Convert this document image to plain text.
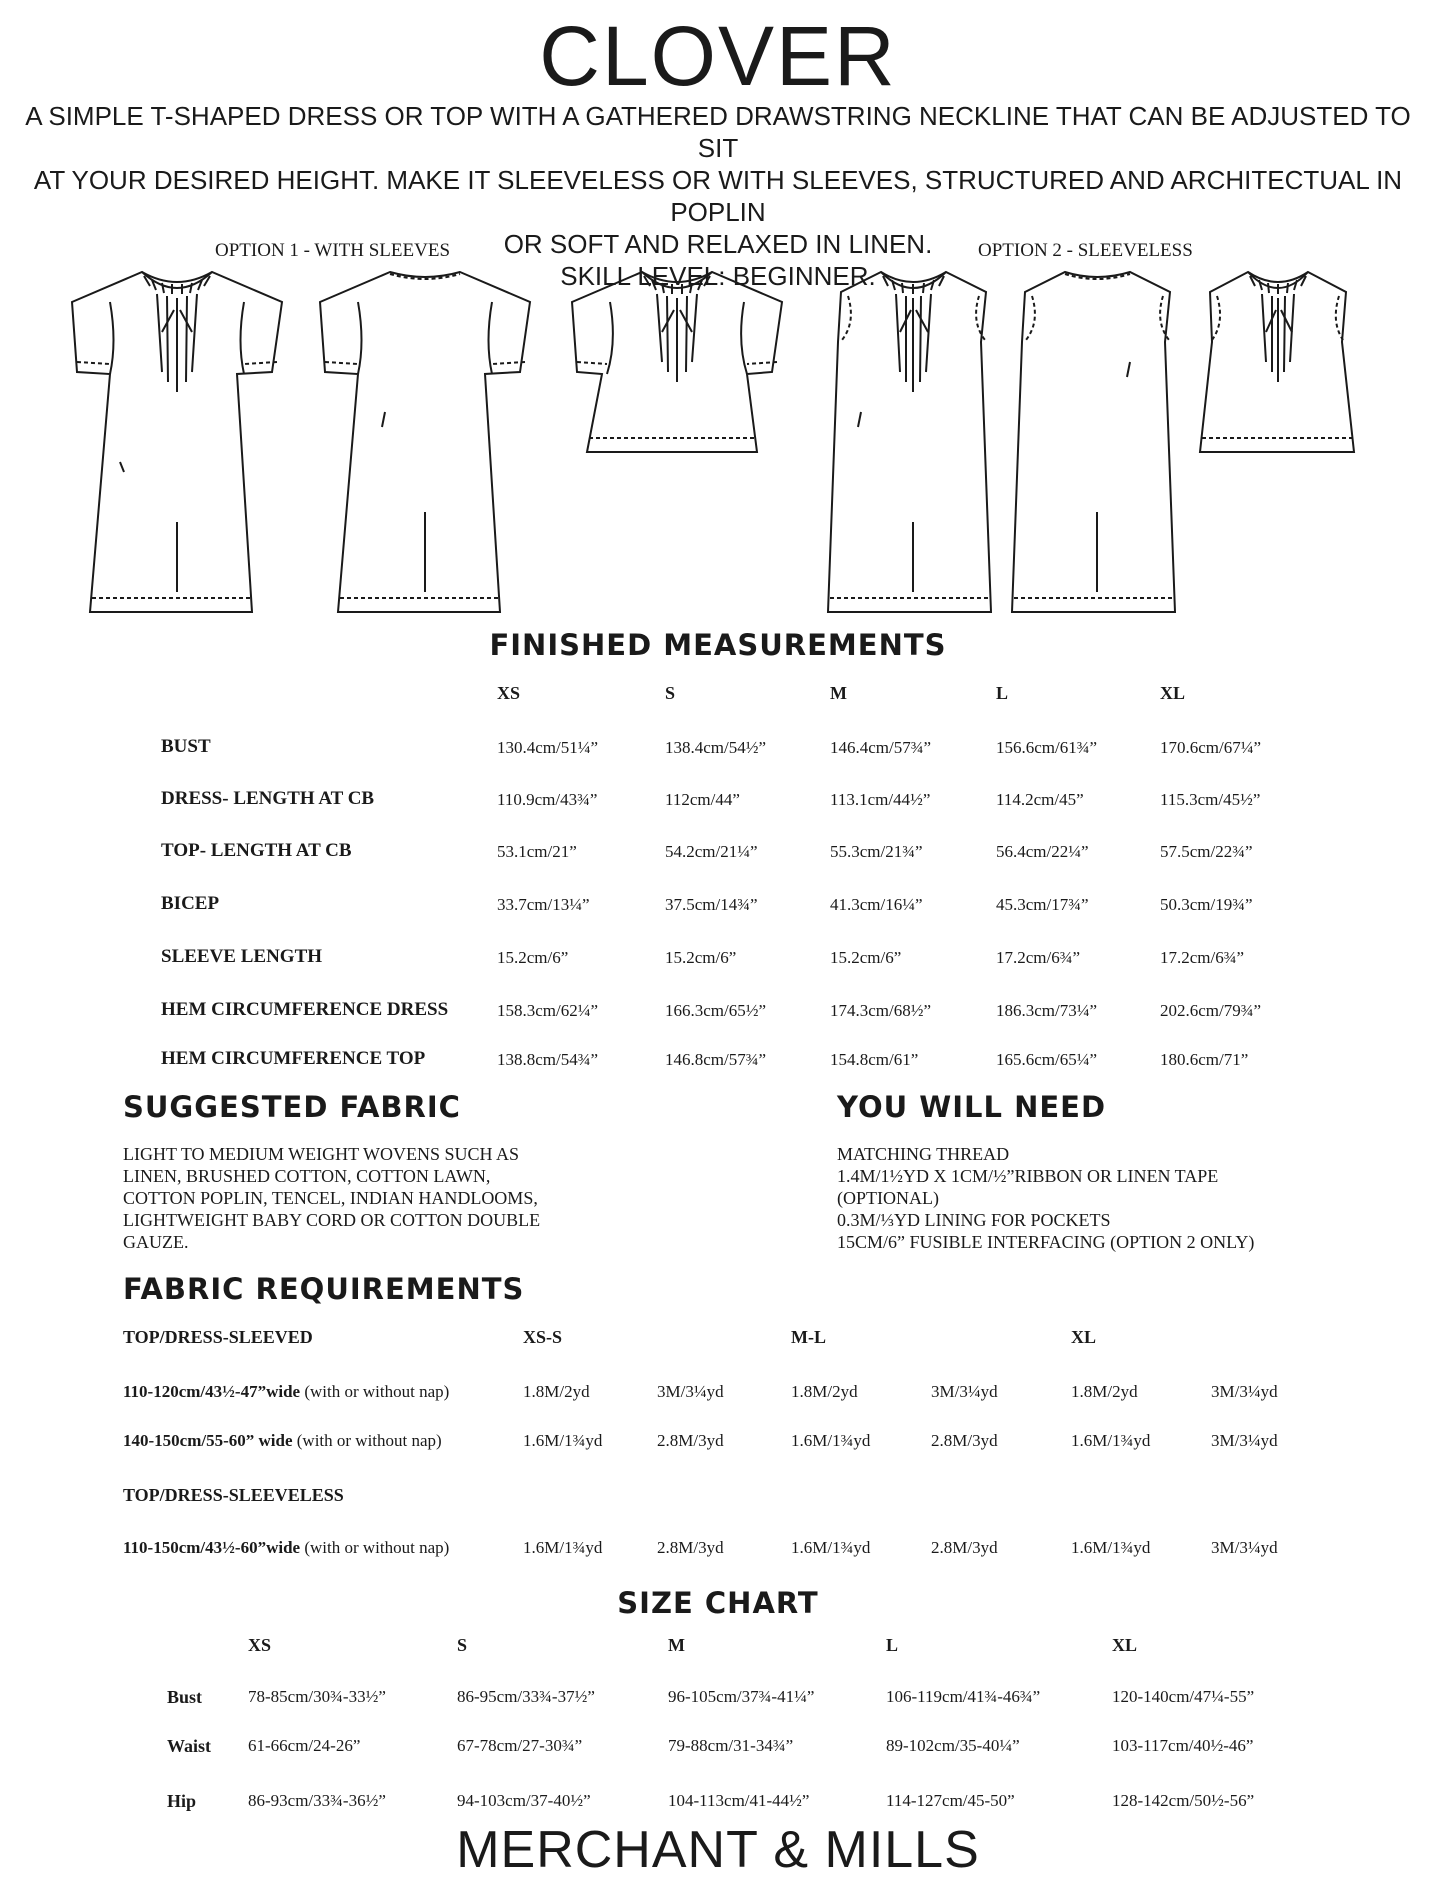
CLOVER
A SIMPLE T-SHAPED DRESS OR TOP WITH A GATHERED DRAWSTRING NECKLINE THAT CAN BE ADJUSTED TO SIT
AT YOUR DESIRED HEIGHT. MAKE IT SLEEVELESS OR WITH SLEEVES, STRUCTURED AND ARCHITECTUAL IN POPLIN
OR SOFT AND RELAXED IN LINEN.
SKILL LEVEL: BEGINNER.
OPTION 1 - WITH SLEEVES	OPTION 2 - SLEEVELESS
FINISHED MEASUREMENTS
XS	S	M	L	XL
BUST	130.4cm/51¼”	138.4cm/54½”	146.4cm/57¾”	156.6cm/61¾”	170.6cm/67¼”
DRESS- LENGTH AT CB	110.9cm/43¾”	112cm/44”	113.1cm/44½”	114.2cm/45”	115.3cm/45½”
TOP- LENGTH AT CB	53.1cm/21”	54.2cm/21¼”	55.3cm/21¾”	56.4cm/22¼”	57.5cm/22¾”
BICEP	33.7cm/13¼”	37.5cm/14¾”	41.3cm/16¼”	45.3cm/17¾”	50.3cm/19¾”
SLEEVE LENGTH	15.2cm/6”	15.2cm/6”	15.2cm/6”	17.2cm/6¾”	17.2cm/6¾”
HEM CIRCUMFERENCE DRESS	158.3cm/62¼”	166.3cm/65½”	174.3cm/68½”	186.3cm/73¼”	202.6cm/79¾”
HEM CIRCUMFERENCE TOP	138.8cm/54¾”	146.8cm/57¾”	154.8cm/61”	165.6cm/65¼”	180.6cm/71”
SUGGESTED FABRIC
LIGHT TO MEDIUM WEIGHT WOVENS SUCH AS
LINEN, BRUSHED COTTON, COTTON LAWN,
COTTON POPLIN, TENCEL, INDIAN HANDLOOMS,
LIGHTWEIGHT BABY CORD OR COTTON DOUBLE
GAUZE.
YOU WILL NEED
MATCHING THREAD
1.4M/1½YD X 1CM/½”RIBBON OR LINEN TAPE
(OPTIONAL)
0.3M/⅓YD LINING FOR POCKETS
15CM/6” FUSIBLE INTERFACING (OPTION 2 ONLY)
FABRIC REQUIREMENTS
TOP/DRESS-SLEEVED	XS-S	M-L	XL
110-120cm/43½-47”wide (with or without nap)	1.8M/2yd	3M/3¼yd	1.8M/2yd	3M/3¼yd	1.8M/2yd	3M/3¼yd
140-150cm/55-60” wide (with or without nap)	1.6M/1¾yd	2.8M/3yd	1.6M/1¾yd	2.8M/3yd	1.6M/1¾yd	3M/3¼yd
TOP/DRESS-SLEEVELESS
110-150cm/43½-60”wide (with or without nap)	1.6M/1¾yd	2.8M/3yd	1.6M/1¾yd	2.8M/3yd	1.6M/1¾yd	3M/3¼yd
SIZE CHART
XS	S	M	L	XL
Bust	78-85cm/30¾-33½”	86-95cm/33¾-37½”	96-105cm/37¾-41¼”	106-119cm/41¾-46¾”	120-140cm/47¼-55”
Waist 61-66cm/24-26”	67-78cm/27-30¾”	79-88cm/31-34¾”	89-102cm/35-40¼”	103-117cm/40½-46”
Hip	86-93cm/33¾-36½”	94-103cm/37-40½”	104-113cm/41-44½”	114-127cm/45-50”	128-142cm/50½-56”
MERCHANT & MILLS
